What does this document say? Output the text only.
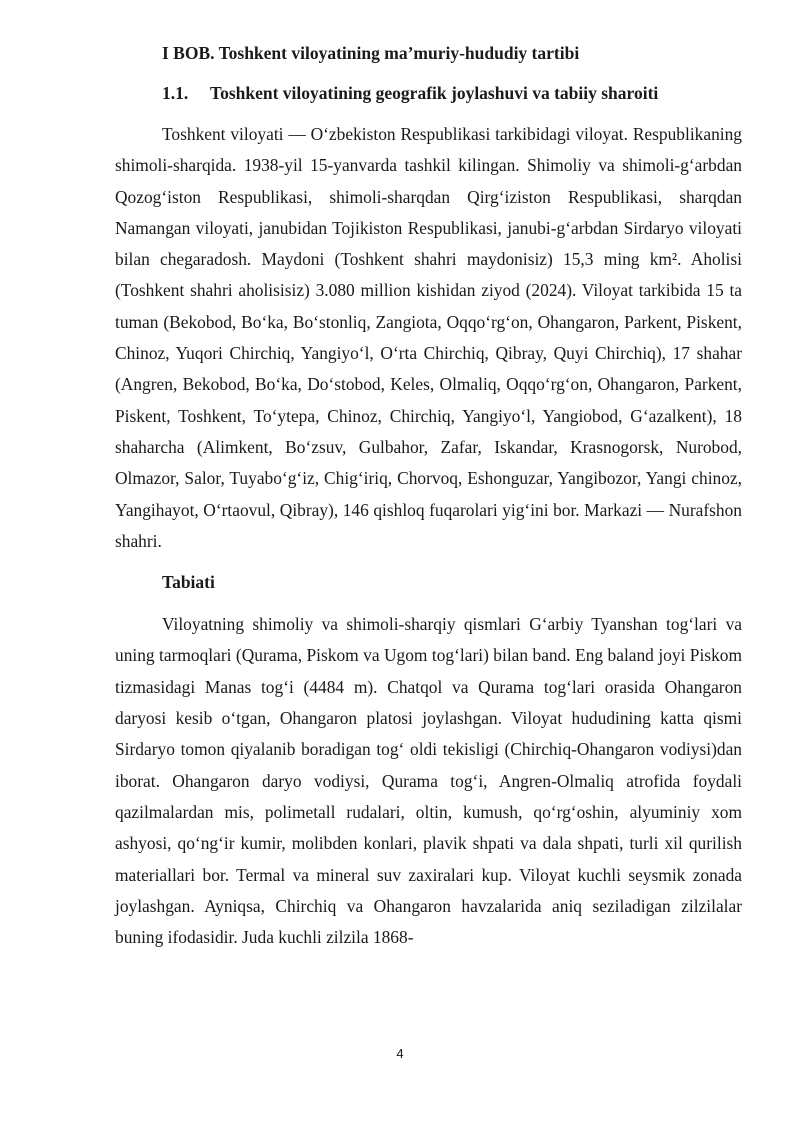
I BOB. Toshkent viloyatining ma’muriy-hududiy tartibi

1.1. Toshkent viloyatining geografik joylashuvi va tabiiy sharoiti

Toshkent viloyati — O‘zbekiston Respublikasi tarkibidagi viloyat. Respublikaning shimoli-sharqida. 1938-yil 15-yanvarda tashkil kilingan. Shimoliy va shimoli-g‘arbdan Qozog‘iston Respublikasi, shimoli-sharqdan Qirg‘iziston Respublikasi, sharqdan Namangan viloyati, janubidan Tojikiston Respublikasi, janubi-g‘arbdan Sirdaryo viloyati bilan chegaradosh. Maydoni (Toshkent shahri maydonisiz) 15,3 ming km². Aholisi (Toshkent shahri aholisisiz) 3.080 million kishidan ziyod (2024). Viloyat tarkibida 15 ta tuman (Bekobod, Bo‘ka, Bo‘stonliq, Zangiota, Oqqo‘rg‘on, Ohangaron, Parkent, Piskent, Chinoz, Yuqori Chirchiq, Yangiyo‘l, O‘rta Chirchiq, Qibray, Quyi Chirchiq), 17 shahar (Angren, Bekobod, Bo‘ka, Do‘stobod, Keles, Olmaliq, Oqqo‘rg‘on, Ohangaron, Parkent, Piskent, Toshkent, To‘ytepa, Chinoz, Chirchiq, Yangiyo‘l, Yangiobod, G‘azalkent), 18 shaharcha (Alimkent, Bo‘zsuv, Gulbahor, Zafar, Iskandar, Krasnogorsk, Nurobod, Olmazor, Salor, Tuyabo‘g‘iz, Chig‘iriq, Chorvoq, Eshonguzar, Yangibozor, Yangi chinoz, Yangihayot, O‘rtaovul, Qibray), 146 qishloq fuqarolari yig‘ini bor. Markazi — Nurafshon shahri.

Tabiati

Viloyatning shimoliy va shimoli-sharqiy qismlari G‘arbiy Tyanshan tog‘lari va uning tarmoqlari (Qurama, Piskom va Ugom tog‘lari) bilan band. Eng baland joyi Piskom tizmasidagi Manas tog‘i (4484 m). Chatqol va Qurama tog‘lari orasida Ohangaron daryosi kesib o‘tgan, Ohangaron platosi joylashgan. Viloyat hududining katta qismi Sirdaryo tomon qiyalanib boradigan tog‘ oldi tekisligi (Chirchiq-Ohangaron vodiysi)dan iborat. Ohangaron daryo vodiysi, Qurama tog‘i, Angren-Olmaliq atrofida foydali qazilmalardan mis, polimetall rudalari, oltin, kumush, qo‘rg‘oshin, alyuminiy xom ashyosi, qo‘ng‘ir kumir, molibden konlari, plavik shpati va dala shpati, turli xil qurilish materiallari bor. Termal va mineral suv zaxiralari kup. Viloyat kuchli seysmik zonada joylashgan. Ayniqsa, Chirchiq va Ohangaron havzalarida aniq seziladigan zilzilalar buning ifodasidir. Juda kuchli zilzila 1868-

4
